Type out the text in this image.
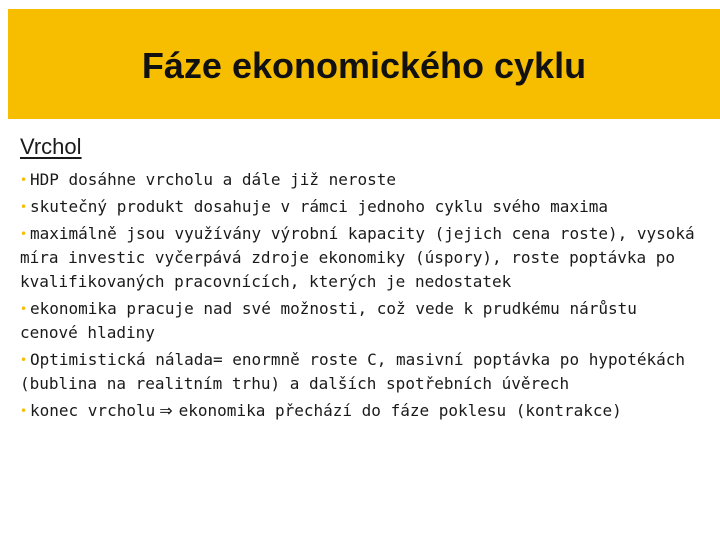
Fáze ekonomického cyklu
Vrchol
• HDP dosáhne vrcholu a dále již neroste
• skutečný produkt dosahuje v rámci jednoho cyklu svého maxima
• maximálně jsou využívány výrobní kapacity (jejich cena roste), vysoká míra investic vyčerpává zdroje ekonomiky (úspory), roste poptávka po kvalifikovaných pracovnících, kterých je nedostatek
• ekonomika pracuje nad své možnosti, což vede k prudkému nárůstu cenové hladiny
• Optimistická nálada= enormně roste C, masivní poptávka po hypotékách (bublina na realitním trhu) a dalších spotřebních úvěrech
• konec vrcholu ⇒ ekonomika přechází do fáze poklesu (kontrakce)
